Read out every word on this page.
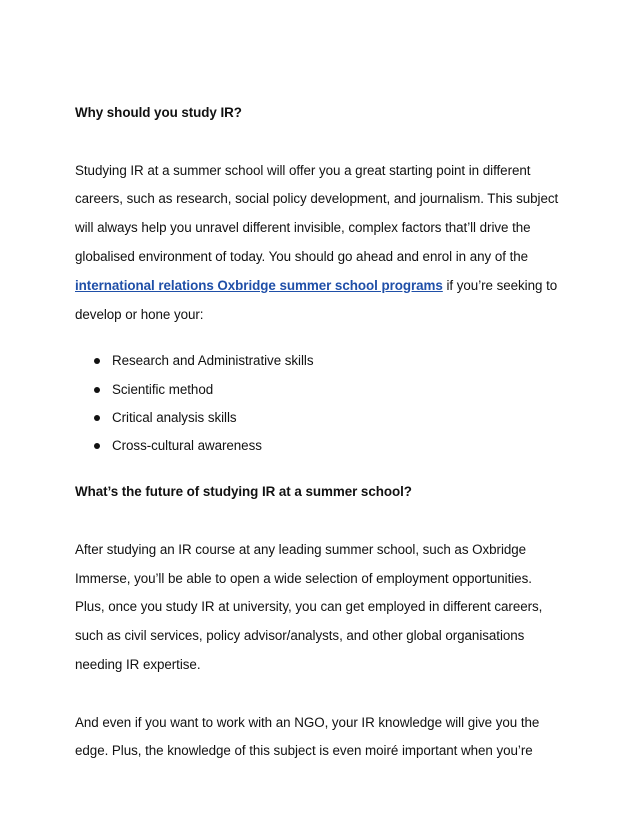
Why should you study IR?

Studying IR at a summer school will offer you a great starting point in different
careers, such as research, social policy development, and journalism. This subject
will always help you unravel different invisible, complex factors that’ll drive the
globalised environment of today. You should go ahead and enrol in any of the
international relations Oxbridge summer school programs if you’re seeking to
develop or hone your:
Research and Administrative skills
Scientific method
Critical analysis skills
Cross-cultural awareness

What’s the future of studying IR at a summer school?

After studying an IR course at any leading summer school, such as Oxbridge
Immerse, you’ll be able to open a wide selection of employment opportunities.
Plus, once you study IR at university, you can get employed in different careers,
such as civil services, policy advisor/analysts, and other global organisations
needing IR expertise.
And even if you want to work with an NGO, your IR knowledge will give you the
edge. Plus, the knowledge of this subject is even moiré important when you’re
